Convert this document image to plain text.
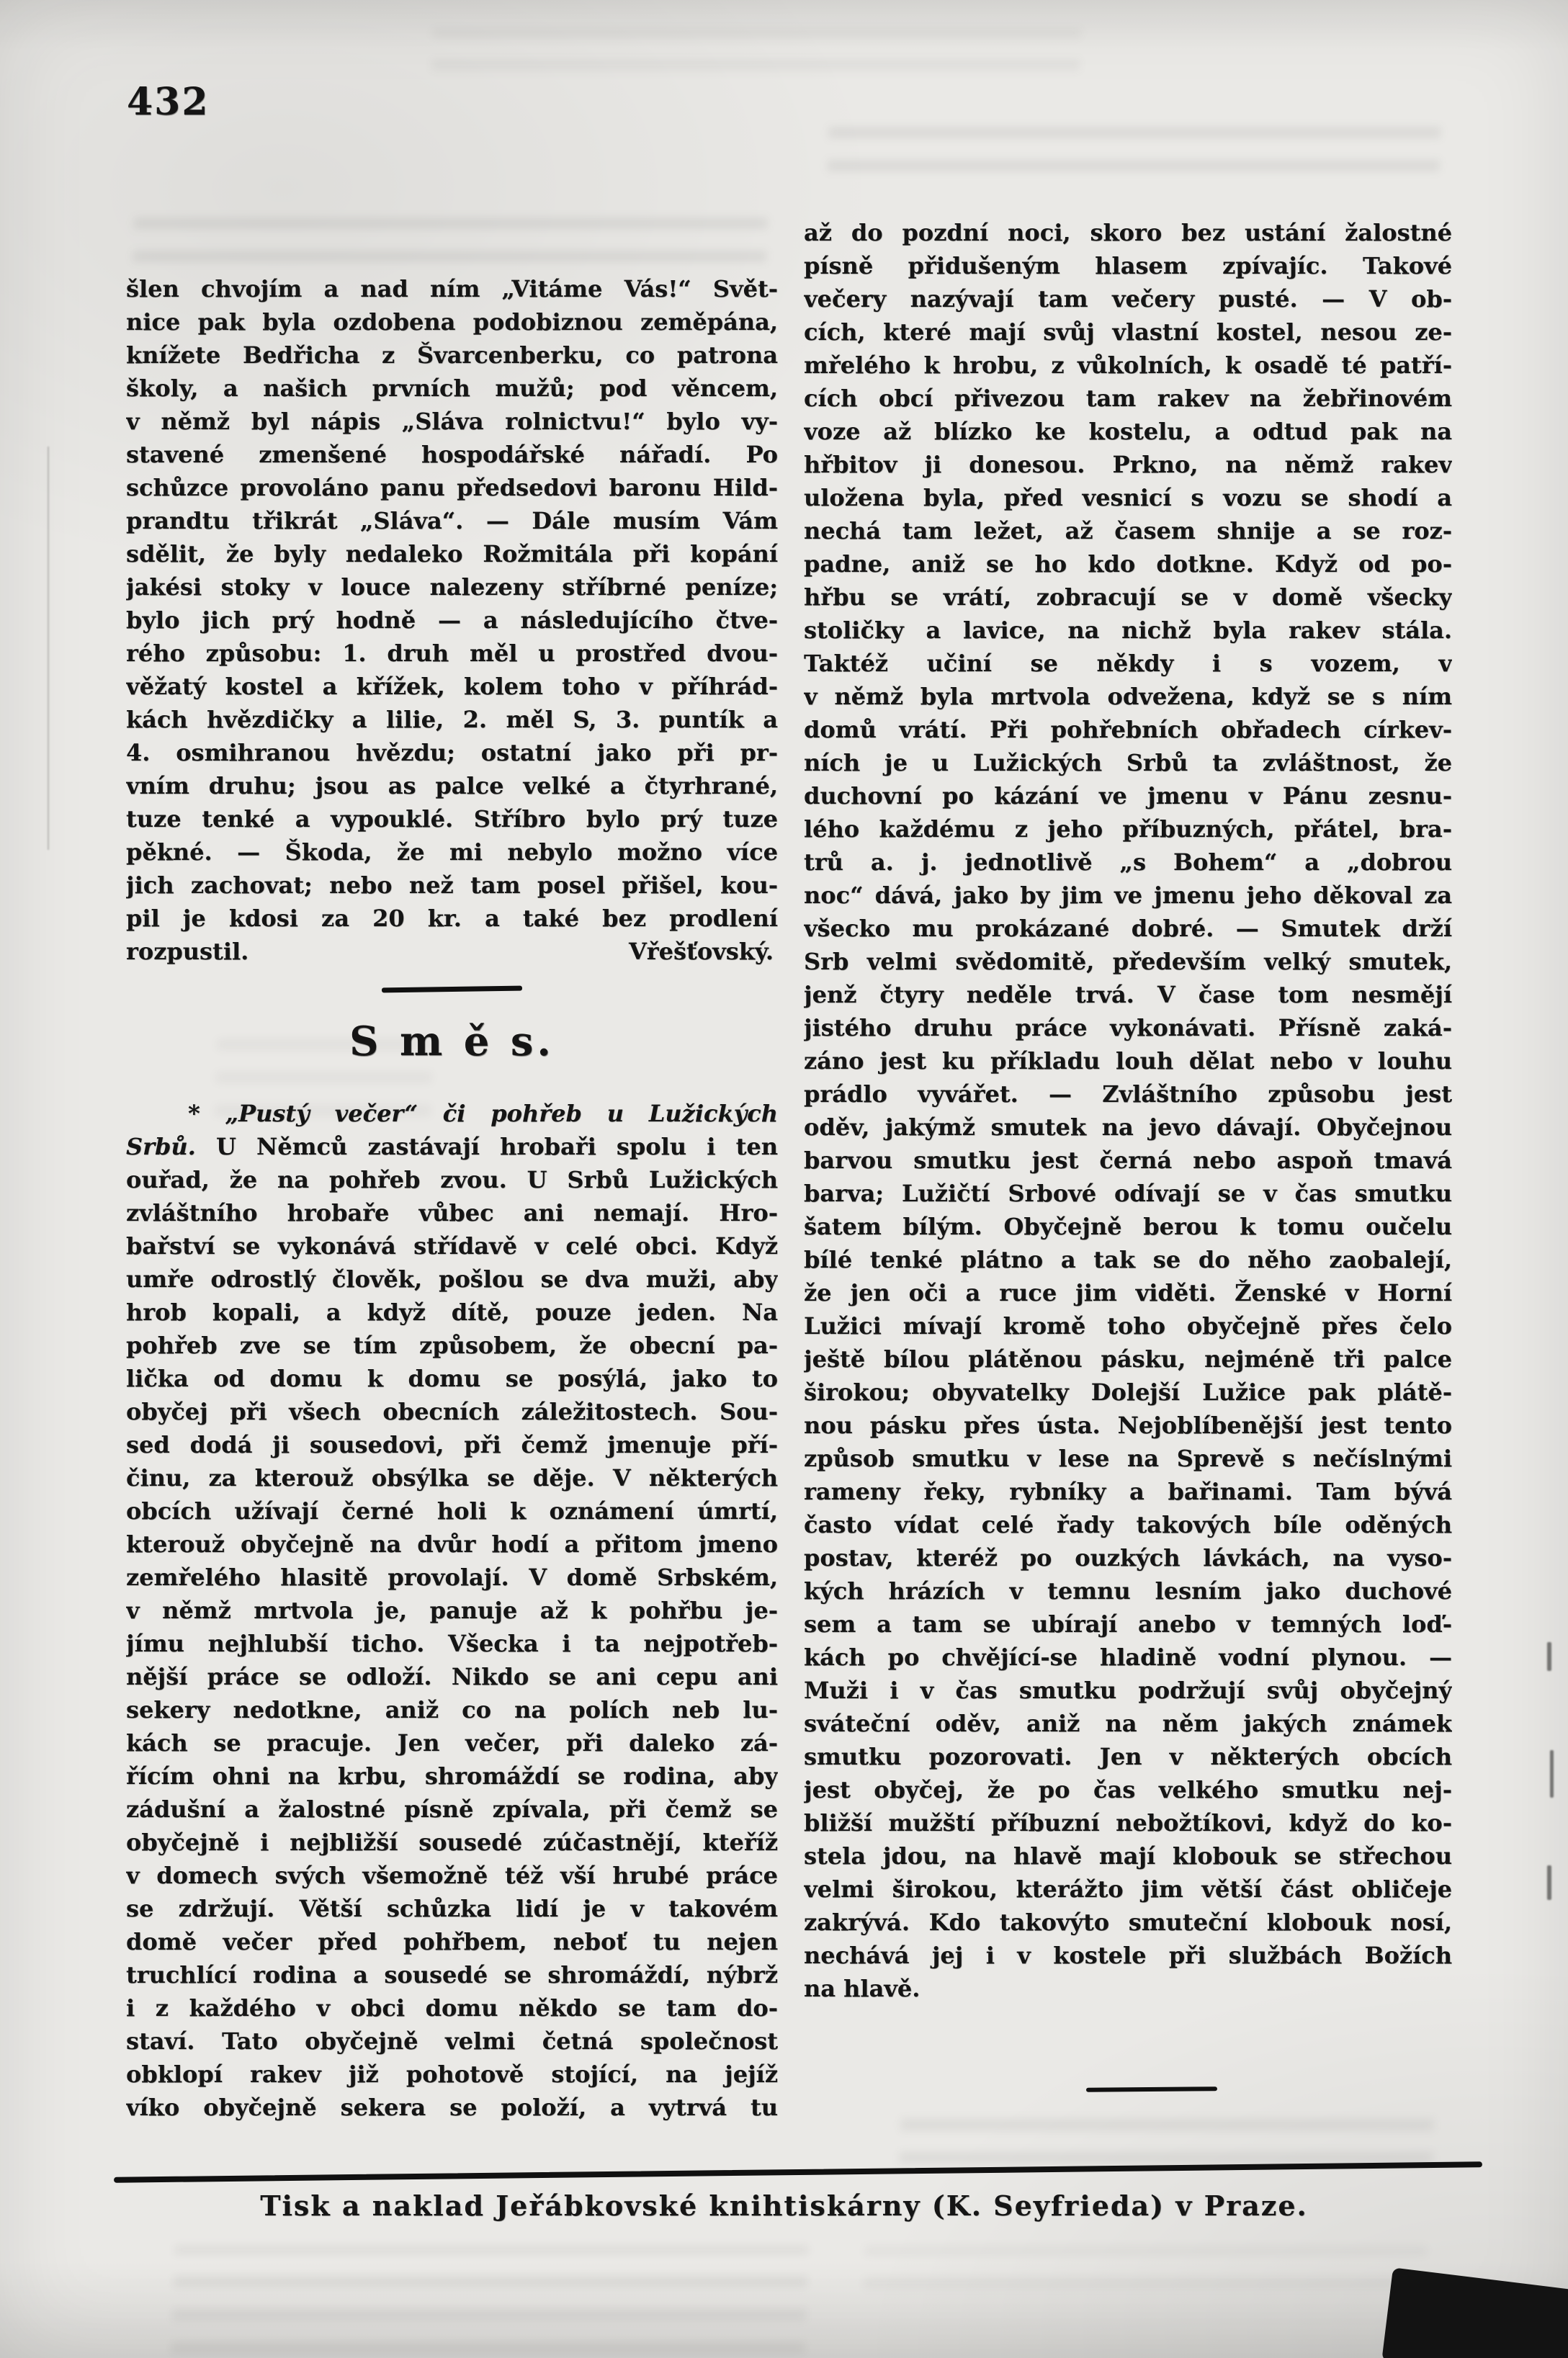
432
šlen chvojím a nad ním „Vitáme Vás!“ Svět-
nice pak byla ozdobena podobiznou zeměpána,
knížete Bedřicha z Švarcenberku, co patrona
školy, a našich prvních mužů; pod věncem,
v němž byl nápis „Sláva rolnictvu!“ bylo vy-
stavené zmenšené hospodářské nářadí. Po
schůzce provoláno panu předsedovi baronu Hild-
prandtu třikrát „Sláva“. — Dále musím Vám
sdělit, že byly nedaleko Rožmitála při kopání
jakési stoky v louce nalezeny stříbrné peníze;
bylo jich prý hodně — a následujícího čtve-
rého způsobu: 1. druh měl u prostřed dvou-
věžatý kostel a křížek, kolem toho v příhrád-
kách hvězdičky a lilie, 2. měl S, 3. puntík a
4. osmihranou hvězdu; ostatní jako při pr-
vním druhu; jsou as palce velké a čtyrhrané,
tuze tenké a vypouklé. Stříbro bylo prý tuze
pěkné. — Škoda, že mi nebylo možno více
jich zachovat; nebo než tam posel přišel, kou-
pil je kdosi za 20 kr. a také bez prodlení
rozpustil.	Vřešťovský.
S m ě s.
* „Pustý večer“ či pohřeb u Lužických
Srbů. U Němců zastávají hrobaři spolu i ten
ouřad, že na pohřeb zvou. U Srbů Lužických
zvláštního hrobaře vůbec ani nemají. Hro-
bařství se vykonává střídavě v celé obci. Když
umře odrostlý člověk, pošlou se dva muži, aby
hrob kopali, a když dítě, pouze jeden. Na
pohřeb zve se tím způsobem, že obecní pa-
lička od domu k domu se posýlá, jako to
obyčej při všech obecních záležitostech. Sou-
sed dodá ji sousedovi, při čemž jmenuje pří-
činu, za kterouž obsýlka se děje. V některých
obcích užívají černé holi k oznámení úmrtí,
kterouž obyčejně na dvůr hodí a přitom jmeno
zemřelého hlasitě provolají. V domě Srbském,
v němž mrtvola je, panuje až k pohřbu je-
jímu nejhlubší ticho. Všecka i ta nejpotřeb-
nější práce se odloží. Nikdo se ani cepu ani
sekery nedotkne, aniž co na polích neb lu-
kách se pracuje. Jen večer, při daleko zá-
řícím ohni na krbu, shromáždí se rodina, aby
zádušní a žalostné písně zpívala, při čemž se
obyčejně i nejbližší sousedé zúčastnějí, kteříž
v domech svých všemožně též vší hrubé práce
se zdržují. Větší schůzka lidí je v takovém
domě večer před pohřbem, neboť tu nejen
truchlící rodina a sousedé se shromáždí, nýbrž
i z každého v obci domu někdo se tam do-
staví. Tato obyčejně velmi četná společnost
obklopí rakev již pohotově stojící, na jejíž
víko obyčejně sekera se položí, a vytrvá tu
až do pozdní noci, skoro bez ustání žalostné
písně přidušeným hlasem zpívajíc. Takové
večery nazývají tam večery pusté. — V ob-
cích, které mají svůj vlastní kostel, nesou ze-
mřelého k hrobu, z vůkolních, k osadě té patří-
cích obcí přivezou tam rakev na žebřinovém
voze až blízko ke kostelu, a odtud pak na
hřbitov ji donesou. Prkno, na němž rakev
uložena byla, před vesnicí s vozu se shodí a
nechá tam ležet, až časem shnije a se roz-
padne, aniž se ho kdo dotkne. Když od po-
hřbu se vrátí, zobracují se v domě všecky
stoličky a lavice, na nichž byla rakev stála.
Taktéž učiní se někdy i s vozem, v
v němž byla mrtvola odvežena, když se s ním
domů vrátí. Při pohřebních obřadech církev-
ních je u Lužických Srbů ta zvláštnost, že
duchovní po kázání ve jmenu v Pánu zesnu-
lého každému z jeho příbuzných, přátel, bra-
trů a. j. jednotlivě „s Bohem“ a „dobrou
noc“ dává, jako by jim ve jmenu jeho děkoval za
všecko mu prokázané dobré. — Smutek drží
Srb velmi svědomitě, především velký smutek,
jenž čtyry neděle trvá. V čase tom nesmějí
jistého druhu práce vykonávati. Přísně zaká-
záno jest ku příkladu louh dělat nebo v louhu
prádlo vyvářet. — Zvláštního způsobu jest
oděv, jakýmž smutek na jevo dávají. Obyčejnou
barvou smutku jest černá nebo aspoň tmavá
barva; Lužičtí Srbové odívají se v čas smutku
šatem bílým. Obyčejně berou k tomu oučelu
bílé tenké plátno a tak se do něho zaobalejí,
že jen oči a ruce jim viděti. Ženské v Horní
Lužici mívají kromě toho obyčejně přes čelo
ještě bílou plátěnou pásku, nejméně tři palce
širokou; obyvatelky Dolejší Lužice pak plátě-
nou pásku přes ústa. Nejoblíbenější jest tento
způsob smutku v lese na Sprevě s nečíslnými
rameny řeky, rybníky a bařinami. Tam bývá
často vídat celé řady takových bíle oděných
postav, kteréž po ouzkých lávkách, na vyso-
kých hrázích v temnu lesním jako duchové
sem a tam se ubírají anebo v temných loď-
kách po chvějící-se hladině vodní plynou. —
Muži i v čas smutku podržují svůj obyčejný
sváteční oděv, aniž na něm jakých známek
smutku pozorovati. Jen v některých obcích
jest obyčej, že po čas velkého smutku nej-
bližší mužští příbuzní nebožtíkovi, když do ko-
stela jdou, na hlavě mají klobouk se střechou
velmi širokou, kterážto jim větší část obličeje
zakrývá. Kdo takovýto smuteční klobouk nosí,
nechává jej i v kostele při službách Božích
na hlavě.
Tisk a naklad Jeřábkovské knihtiskárny (K. Seyfrieda) v Praze.
